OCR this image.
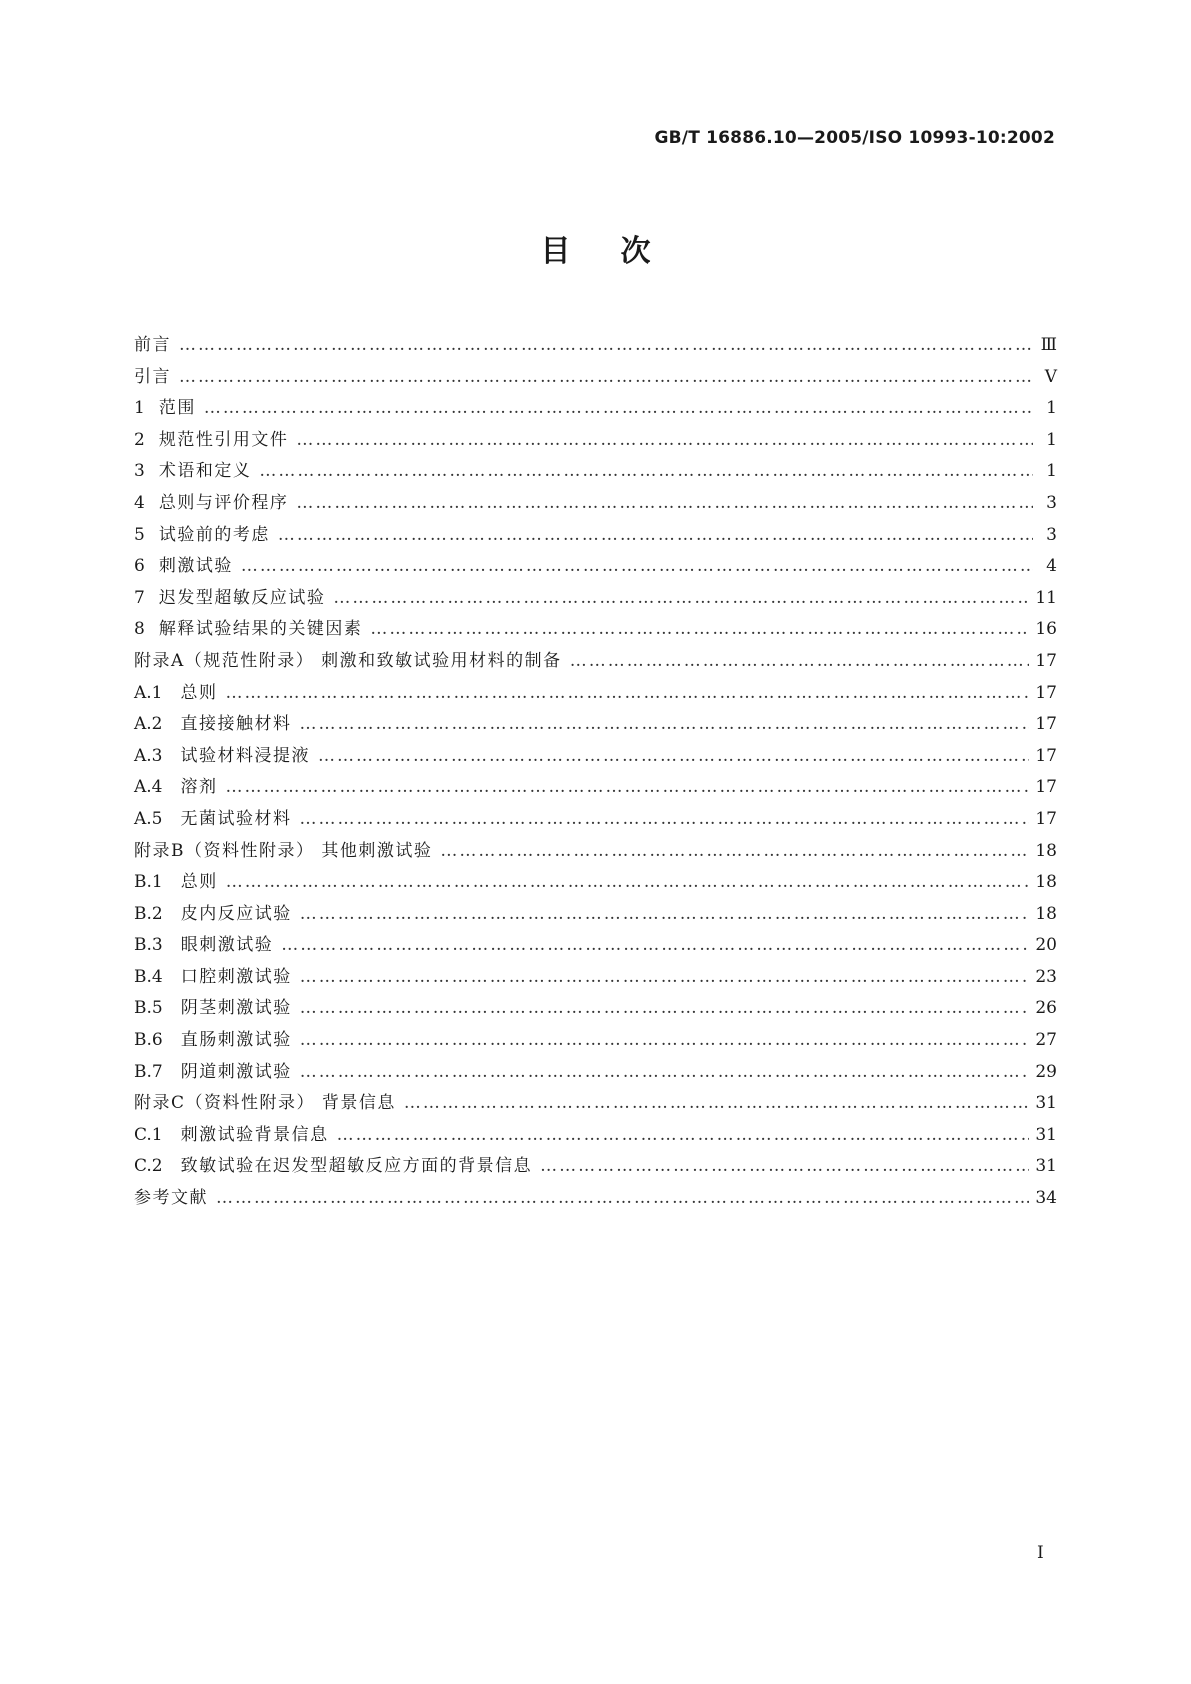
GB/T 16886.10—2005/ISO 10993-10:2002
目次
前言 ………………………………………………………………………………………………………………………………………………………………………………	Ⅲ
引言 ………………………………………………………………………………………………………………………………………………………………………………	Ⅴ
1 范围 ………………………………………………………………………………………………………………………………………………………………………………	1
2 规范性引用文件 ………………………………………………………………………………………………………………………………………………………………………………	1
3 术语和定义 ………………………………………………………………………………………………………………………………………………………………………………	1
4 总则与评价程序 ………………………………………………………………………………………………………………………………………………………………………………	3
5 试验前的考虑 ………………………………………………………………………………………………………………………………………………………………………………	3
6 刺激试验 ………………………………………………………………………………………………………………………………………………………………………………	4
7 迟发型超敏反应试验 ………………………………………………………………………………………………………………………………………………………………………………	11
8 解释试验结果的关键因素 ………………………………………………………………………………………………………………………………………………………………………………	16
附录A（规范性附录） 刺激和致敏试验用材料的制备 ………………………………………………………………………………………………………………………………………………………………………………	17
A.1 总则 ………………………………………………………………………………………………………………………………………………………………………………	17
A.2 直接接触材料 ………………………………………………………………………………………………………………………………………………………………………………	17
A.3 试验材料浸提液 ………………………………………………………………………………………………………………………………………………………………………………	17
A.4 溶剂 ………………………………………………………………………………………………………………………………………………………………………………	17
A.5 无菌试验材料 ………………………………………………………………………………………………………………………………………………………………………………	17
附录B（资料性附录） 其他刺激试验 ………………………………………………………………………………………………………………………………………………………………………………	18
B.1 总则 ………………………………………………………………………………………………………………………………………………………………………………	18
B.2 皮内反应试验 ………………………………………………………………………………………………………………………………………………………………………………	18
B.3 眼刺激试验 ………………………………………………………………………………………………………………………………………………………………………………	20
B.4 口腔刺激试验 ………………………………………………………………………………………………………………………………………………………………………………	23
B.5 阴茎刺激试验 ………………………………………………………………………………………………………………………………………………………………………………	26
B.6 直肠刺激试验 ………………………………………………………………………………………………………………………………………………………………………………	27
B.7 阴道刺激试验 ………………………………………………………………………………………………………………………………………………………………………………	29
附录C（资料性附录） 背景信息 ………………………………………………………………………………………………………………………………………………………………………………	31
C.1 刺激试验背景信息 ………………………………………………………………………………………………………………………………………………………………………………	31
C.2 致敏试验在迟发型超敏反应方面的背景信息 ………………………………………………………………………………………………………………………………………………………………………………	31
参考文献 ………………………………………………………………………………………………………………………………………………………………………………	34
I
